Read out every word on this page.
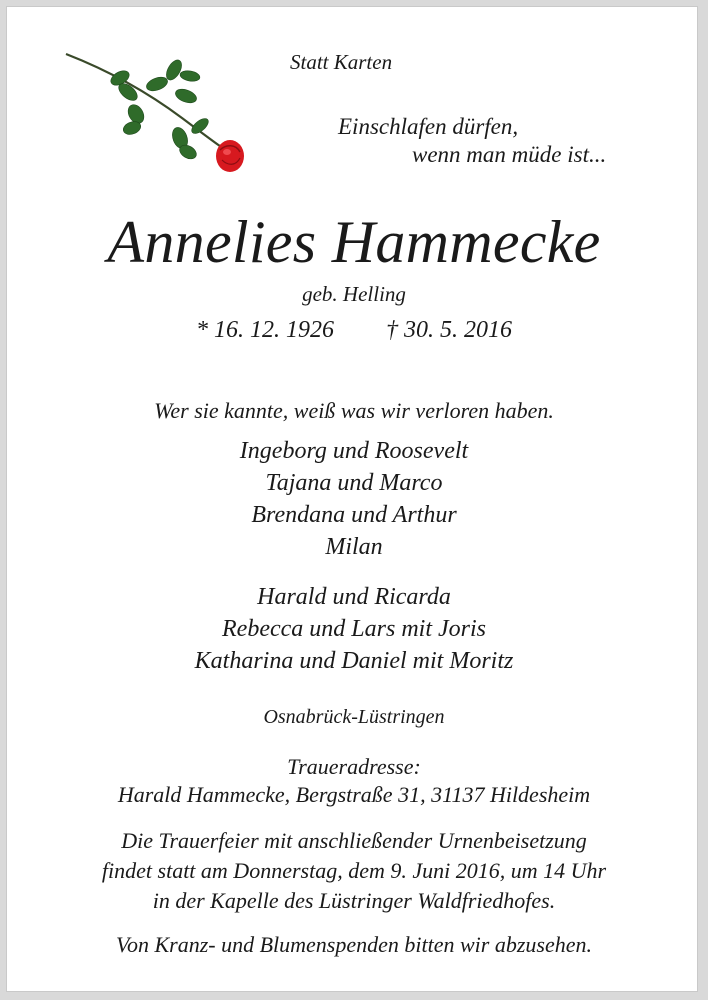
Statt Karten
Einschlafen dürfen,
wenn man müde ist...
Annelies Hammecke
geb. Helling
* 16. 12. 1926 † 30. 5. 2016
Wer sie kannte, weiß was wir verloren haben.
Ingeborg und Roosevelt
Tajana und Marco
Brendana und Arthur
Milan
Harald und Ricarda
Rebecca und Lars mit Joris
Katharina und Daniel mit Moritz
Osnabrück-Lüstringen
Traueradresse:
Harald Hammecke, Bergstraße 31, 31137 Hildesheim
Die Trauerfeier mit anschließender Urnenbeisetzung
findet statt am Donnerstag, dem 9. Juni 2016, um 14 Uhr
in der Kapelle des Lüstringer Waldfriedhofes.
Von Kranz- und Blumenspenden bitten wir abzusehen.
